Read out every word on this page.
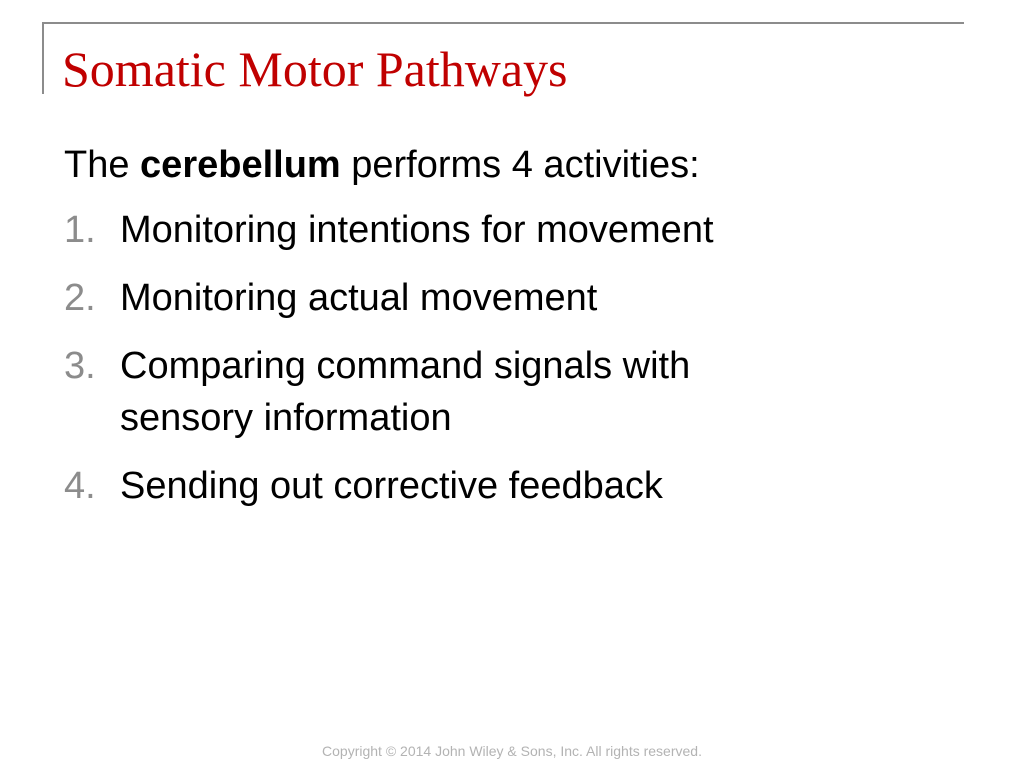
Somatic Motor Pathways

The cerebellum performs 4 activities:

1. Monitoring intentions for movement
2. Monitoring actual movement
3. Comparing command signals with sensory information
4. Sending out corrective feedback
Copyright © 2014 John Wiley & Sons, Inc. All rights reserved.
